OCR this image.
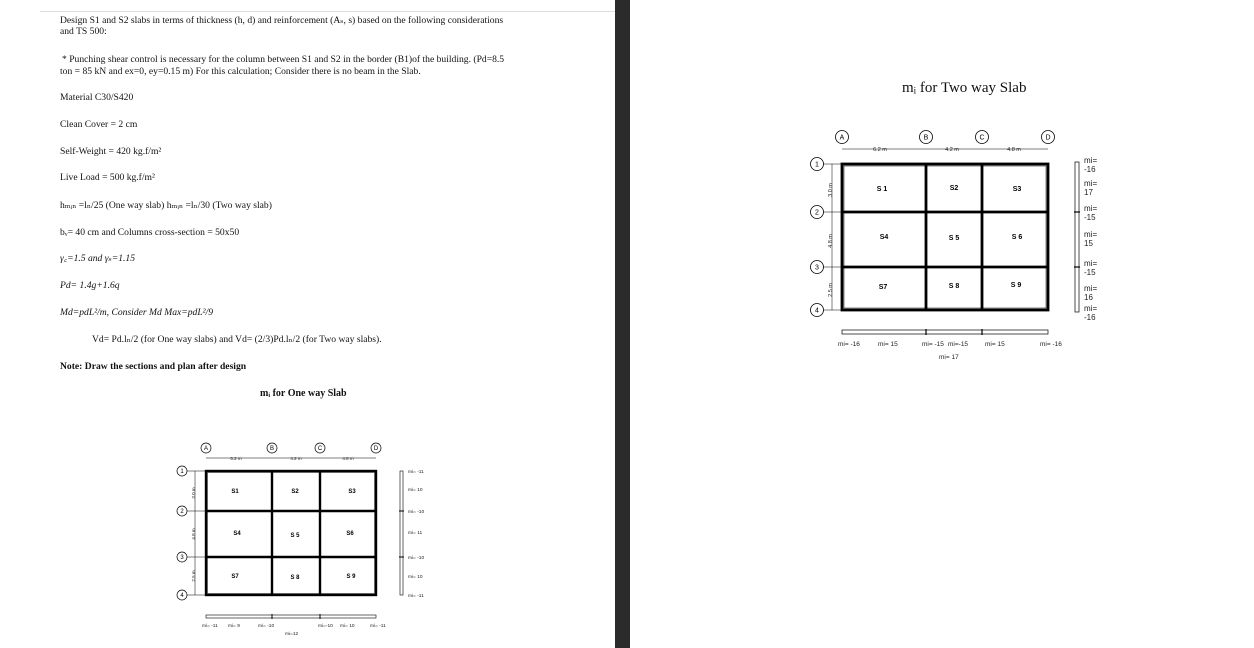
Design S1 and S2 slabs in terms of thickness (h, d) and reinforcement (Aₛ, s) based on the following considerations
and TS 500:
* Punching shear control is necessary for the column between S1 and S2 in the border (B1)of the building. (Pd=8.5
ton = 85 kN and ex=0, ey=0.15 m) For this calculation; Consider there is no beam in the Slab.
Material C30/S420
Clean Cover = 2 cm
Self-Weight = 420 kg.f/m²
Live Load = 500 kg.f/m²
hₘᵢₙ =lₙ/25 (One way slab) hₘᵢₙ =lₙ/30 (Two way slab)
bᵥ= 40 cm and Columns cross-section = 50x50
γ꜀=1.5 and γₛ=1.15
Pd= 1.4g+1.6q
Md=pdL²/m, Consider Md Max=pdL²/9
Vd= Pd.lₙ/2 (for One way slabs) and Vd= (2/3)Pd.lₙ/2 (for Two way slabs).
Note: Draw the sections and plan after design
mᵢ for One way Slab
A	B	C	D
1
2
3
4
6.2 m	4.2 m	4.8 m
3.0 m
4.8 m
2.5 m
S1	S2	S3
S4	S 5	S6
S7	S 8	S 9
mi= -11
mi= 10
mi= -10
mi= 11
mi= -10
mi= 10
mi= -11
mi= -11 mi= 9	mi= -10	mi=-10 mi= 10	mi= -11
mi=12
mᵢ for Two way Slab
A	B	C	D
1
2
3
4
6.2 m	4.2 m	4.8 m
3.0 m
4.8 m
2.5 m
S 1	S2	S3
S4	S 5	S 6
S7	S 8	S 9
mi= -16	mi= 15	mi= -15 mi=-15	mi= 15	mi= -16
mi= 17
mi= -16
mi= 17
mi= -15
mi= 15
mi= -15
mi= 16
mi= -16
